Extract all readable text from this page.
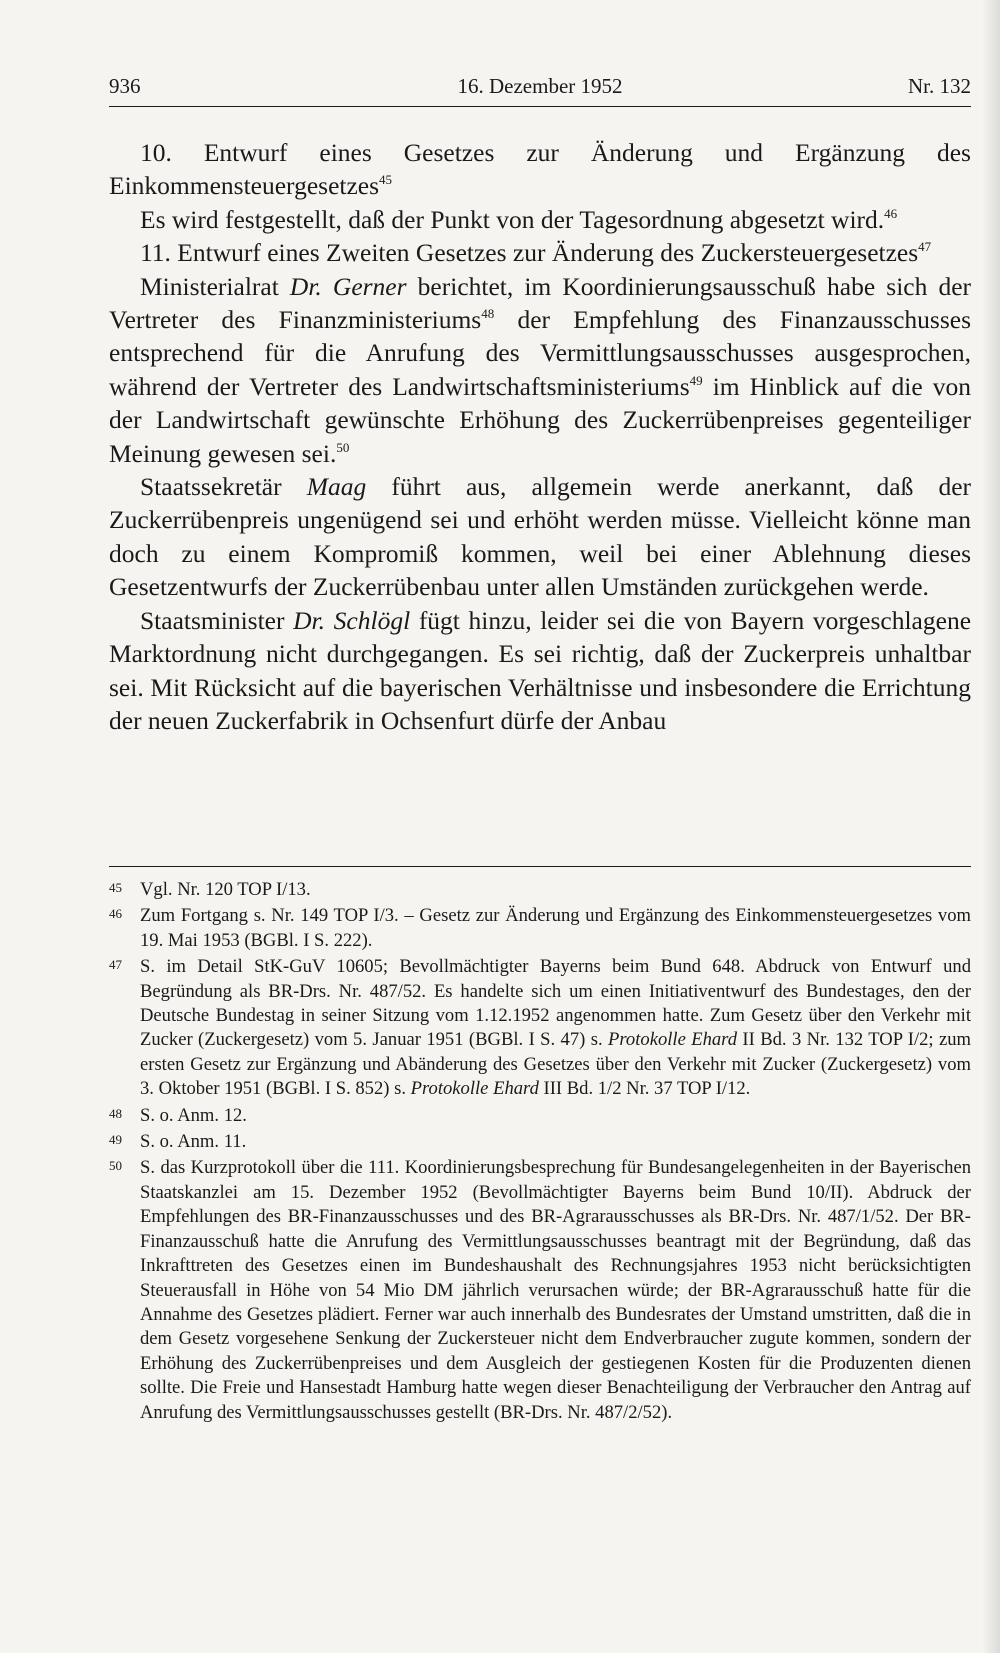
936	16. Dezember 1952	Nr. 132

10. Entwurf eines Gesetzes zur Änderung und Ergänzung des Einkommensteuergesetzes$^{45}$

Es wird festgestellt, daß der Punkt von der Tagesordnung abgesetzt wird.$^{46}$

11. Entwurf eines Zweiten Gesetzes zur Änderung des Zuckersteuergesetzes$^{47}$

Ministerialrat Dr. Gerner berichtet, im Koordinierungsausschuß habe sich der Vertreter des Finanzministeriums$^{48}$ der Empfehlung des Finanzausschusses entsprechend für die Anrufung des Vermittlungsausschusses ausgesprochen, während der Vertreter des Landwirtschaftsministeriums$^{49}$ im Hinblick auf die von der Landwirtschaft gewünschte Erhöhung des Zuckerrübenpreises gegenteiliger Meinung gewesen sei.$^{50}$

Staatssekretär Maag führt aus, allgemein werde anerkannt, daß der Zuckerrübenpreis ungenügend sei und erhöht werden müsse. Vielleicht könne man doch zu einem Kompromiß kommen, weil bei einer Ablehnung dieses Gesetzentwurfs der Zuckerrübenbau unter allen Umständen zurückgehen werde.

Staatsminister Dr. Schlögl fügt hinzu, leider sei die von Bayern vorgeschlagene Marktordnung nicht durchgegangen. Es sei richtig, daß der Zuckerpreis unhaltbar sei. Mit Rücksicht auf die bayerischen Verhältnisse und insbesondere die Errichtung der neuen Zuckerfabrik in Ochsenfurt dürfe der Anbau

45 Vgl. Nr. 120 TOP I/13.
46 Zum Fortgang s. Nr. 149 TOP I/3. – Gesetz zur Änderung und Ergänzung des Einkommensteuergesetzes vom 19. Mai 1953 (BGBl. I S. 222).
47 S. im Detail StK-GuV 10605; Bevollmächtigter Bayerns beim Bund 648. Abdruck von Entwurf und Begründung als BR-Drs. Nr. 487/52. Es handelte sich um einen Initiativentwurf des Bundestages, den der Deutsche Bundestag in seiner Sitzung vom 1.12.1952 angenommen hatte. Zum Gesetz über den Verkehr mit Zucker (Zuckergesetz) vom 5. Januar 1951 (BGBl. I S. 47) s. Protokolle Ehard II Bd. 3 Nr. 132 TOP I/2; zum ersten Gesetz zur Ergänzung und Abänderung des Gesetzes über den Verkehr mit Zucker (Zuckergesetz) vom 3. Oktober 1951 (BGBl. I S. 852) s. Protokolle Ehard III Bd. 1/2 Nr. 37 TOP I/12.
48 S. o. Anm. 12.
49 S. o. Anm. 11.
50 S. das Kurzprotokoll über die 111. Koordinierungsbesprechung für Bundesangelegenheiten in der Bayerischen Staatskanzlei am 15. Dezember 1952 (Bevollmächtigter Bayerns beim Bund 10/II). Abdruck der Empfehlungen des BR-Finanzausschusses und des BR-Agrarausschusses als BR-Drs. Nr. 487/1/52. Der BR-Finanzausschuß hatte die Anrufung des Vermittlungsausschusses beantragt mit der Begründung, daß das Inkrafttreten des Gesetzes einen im Bundeshaushalt des Rechnungsjahres 1953 nicht berücksichtigten Steuerausfall in Höhe von 54 Mio DM jährlich verursachen würde; der BR-Agrarausschuß hatte für die Annahme des Gesetzes plädiert. Ferner war auch innerhalb des Bundesrates der Umstand umstritten, daß die in dem Gesetz vorgesehene Senkung der Zuckersteuer nicht dem Endverbraucher zugute kommen, sondern der Erhöhung des Zuckerrübenpreises und dem Ausgleich der gestiegenen Kosten für die Produzenten dienen sollte. Die Freie und Hansestadt Hamburg hatte wegen dieser Benachteiligung der Verbraucher den Antrag auf Anrufung des Vermittlungsausschusses gestellt (BR-Drs. Nr. 487/2/52).
